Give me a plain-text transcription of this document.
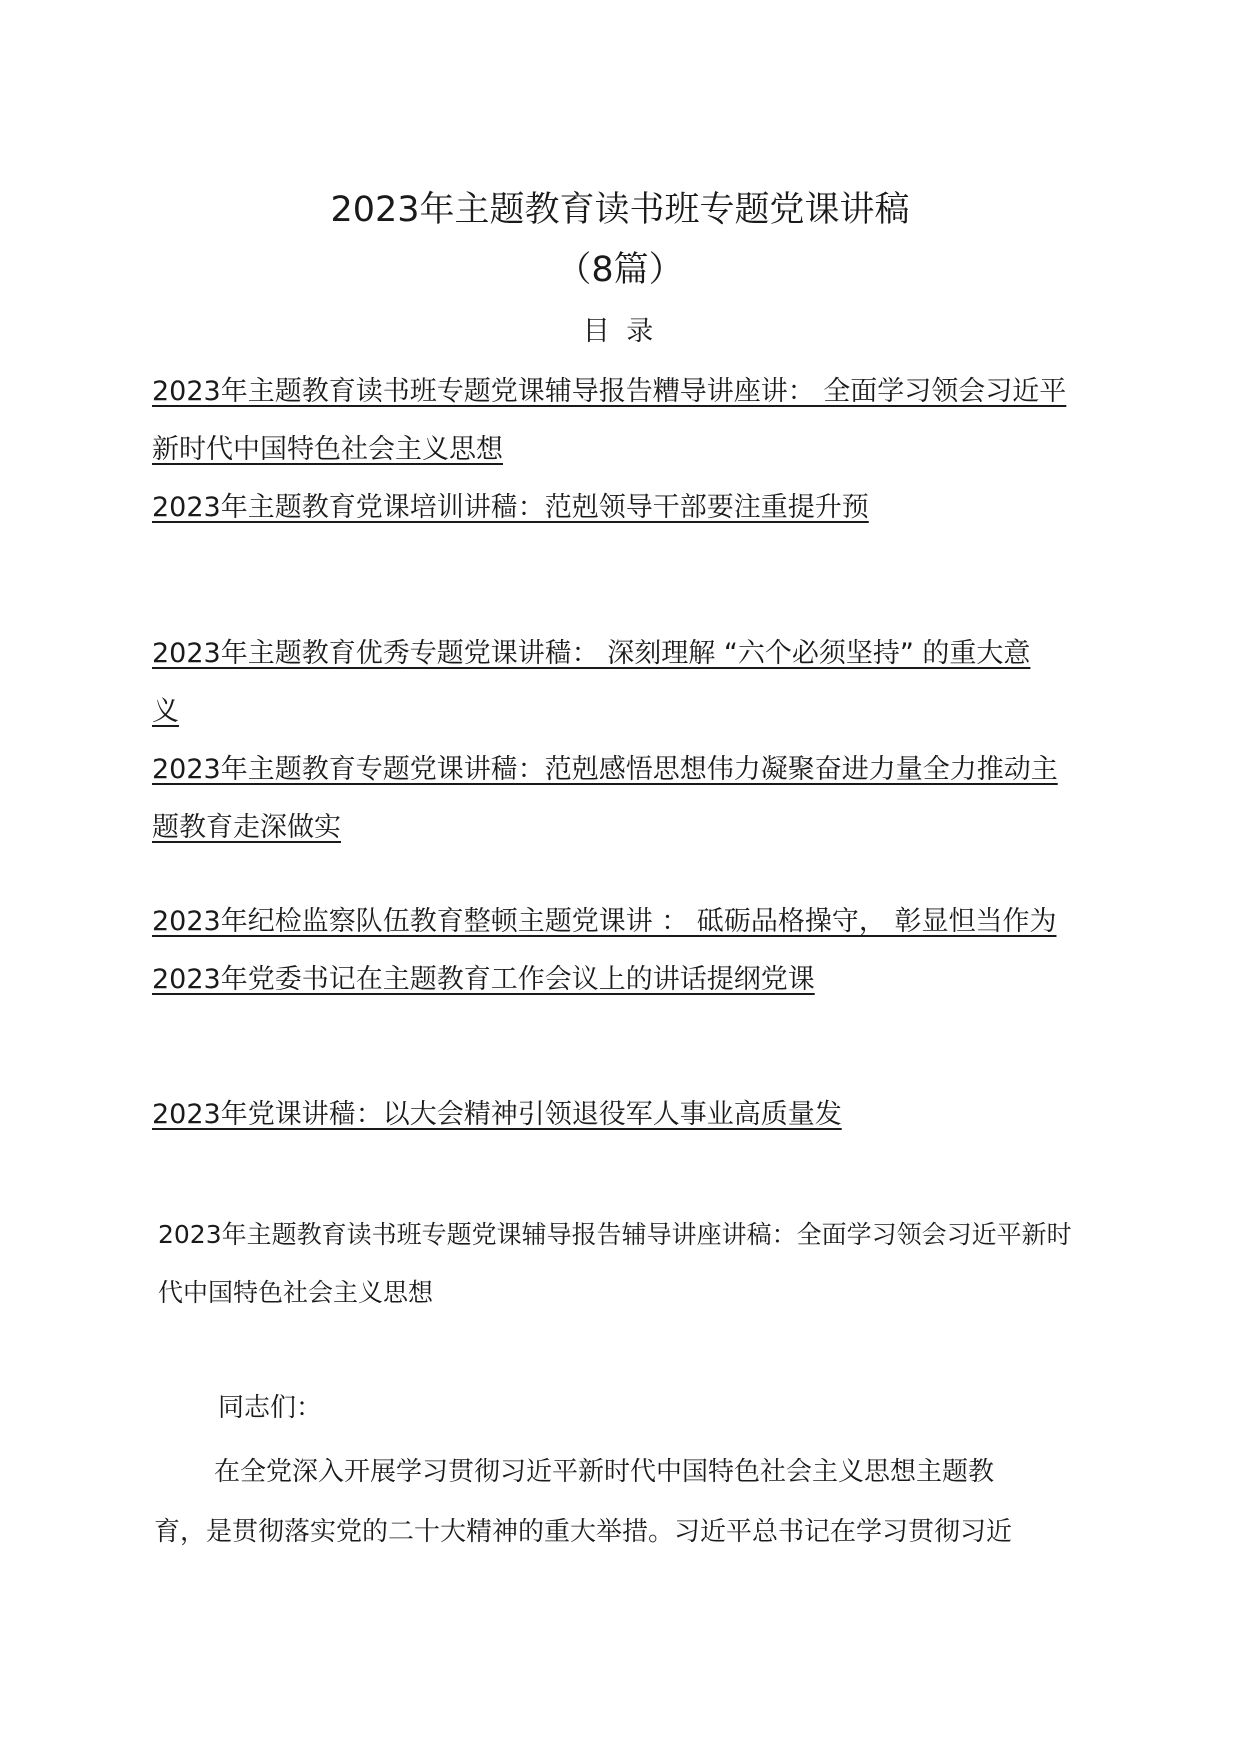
2023年主题教育读书班专题党课讲稿
（8篇）
目 录
2023年主题教育读书班专题党课辅导报告糟导讲座讲： 全面学习领会习近平
新时代中国特色社会主义思想
2023年主题教育党课培训讲穑：范剋领导干部要注重提升预
2023年主题教育优秀专题党课讲穑： 深刻理解 “六个必须坚持” 的重大意
义
2023年主题教育专题党课讲穑：范剋感悟思想伟力凝聚奋进力量全力推动主
题教育走深做实
2023年纪检监察队伍教育整顿主题党课讲 ： 砥砺品格操守， 彰显怛当作为
2023年党委书记在主题教育工作会议上的讲话提纲党课
2023年党课讲穑：以大会精神引领退役军人事业高质量发
2023年主题教育读书班专题党课辅导报告辅导讲座讲稿：全面学习领会习近平新时
代中国特色社会主义思想
同志们：
在全党深入开展学习贯彻习近平新时代中国特色社会主义思想主题教
育，是贯彻落实党的二十大精神的重大举措。习近平总书记在学习贯彻习近
